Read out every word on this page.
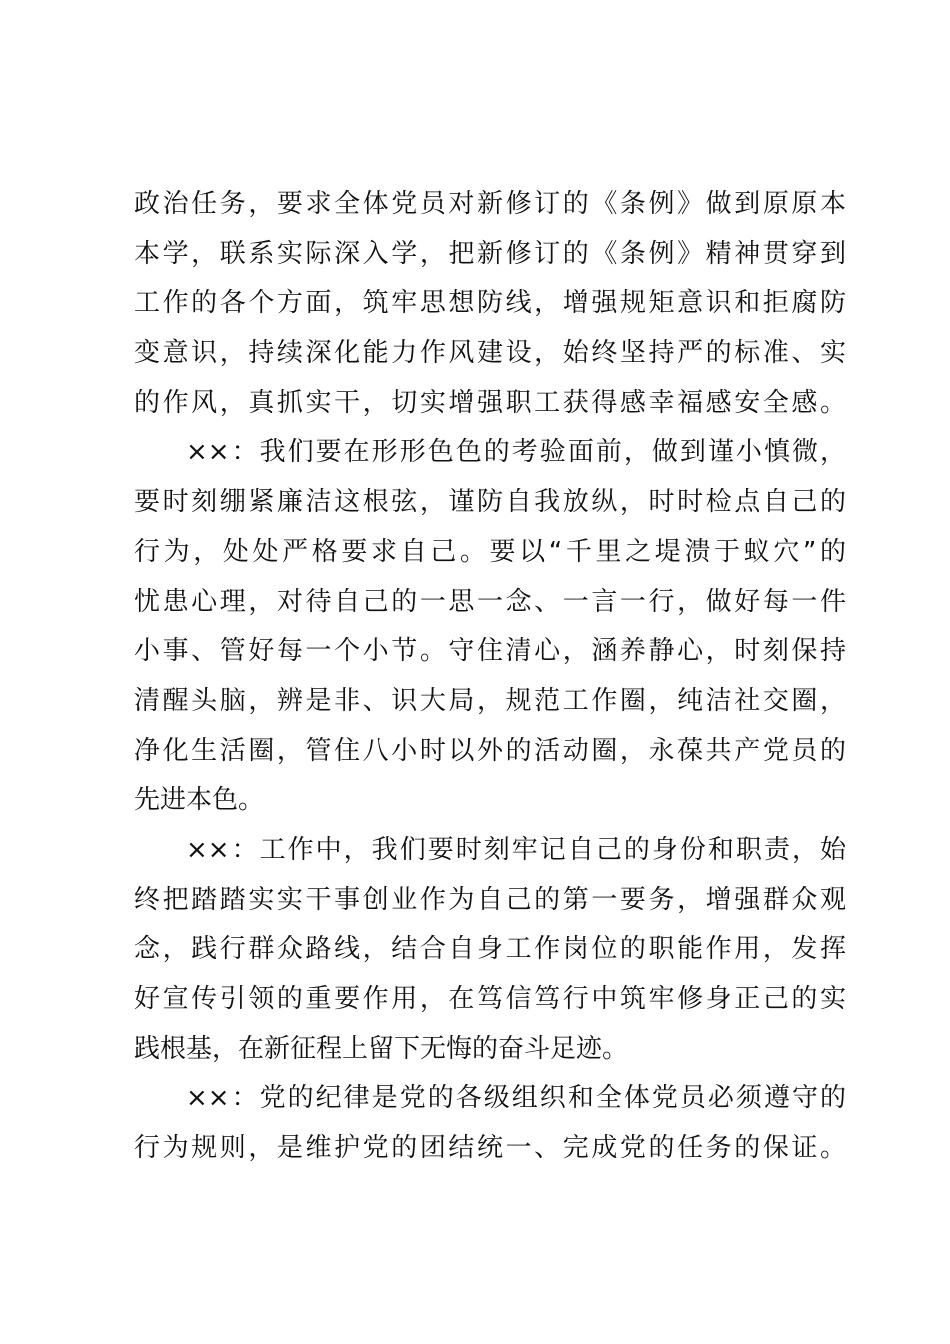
政治任务，要求全体党员对新修订的《条例》做到原原本
本学，联系实际深入学，把新修订的《条例》精神贯穿到
工作的各个方面，筑牢思想防线，增强规矩意识和拒腐防
变意识，持续深化能力作风建设，始终坚持严的标准、实
的作风，真抓实干，切实增强职工获得感幸福感安全感。
××：我们要在形形色色的考验面前，做到谨小慎微，
要时刻绷紧廉洁这根弦，谨防自我放纵，时时检点自己的
行为，处处严格要求自己。要以“千里之堤溃于蚁穴”的
忧患心理，对待自己的一思一念、一言一行，做好每一件
小事、管好每一个小节。守住清心，涵养静心，时刻保持
清醒头脑，辨是非、识大局，规范工作圈，纯洁社交圈，
净化生活圈，管住八小时以外的活动圈，永葆共产党员的
先进本色。
××：工作中，我们要时刻牢记自己的身份和职责，始
终把踏踏实实干事创业作为自己的第一要务，增强群众观
念，践行群众路线，结合自身工作岗位的职能作用，发挥
好宣传引领的重要作用，在笃信笃行中筑牢修身正己的实
践根基，在新征程上留下无悔的奋斗足迹。
××：党的纪律是党的各级组织和全体党员必须遵守的
行为规则，是维护党的团结统一、完成党的任务的保证。
